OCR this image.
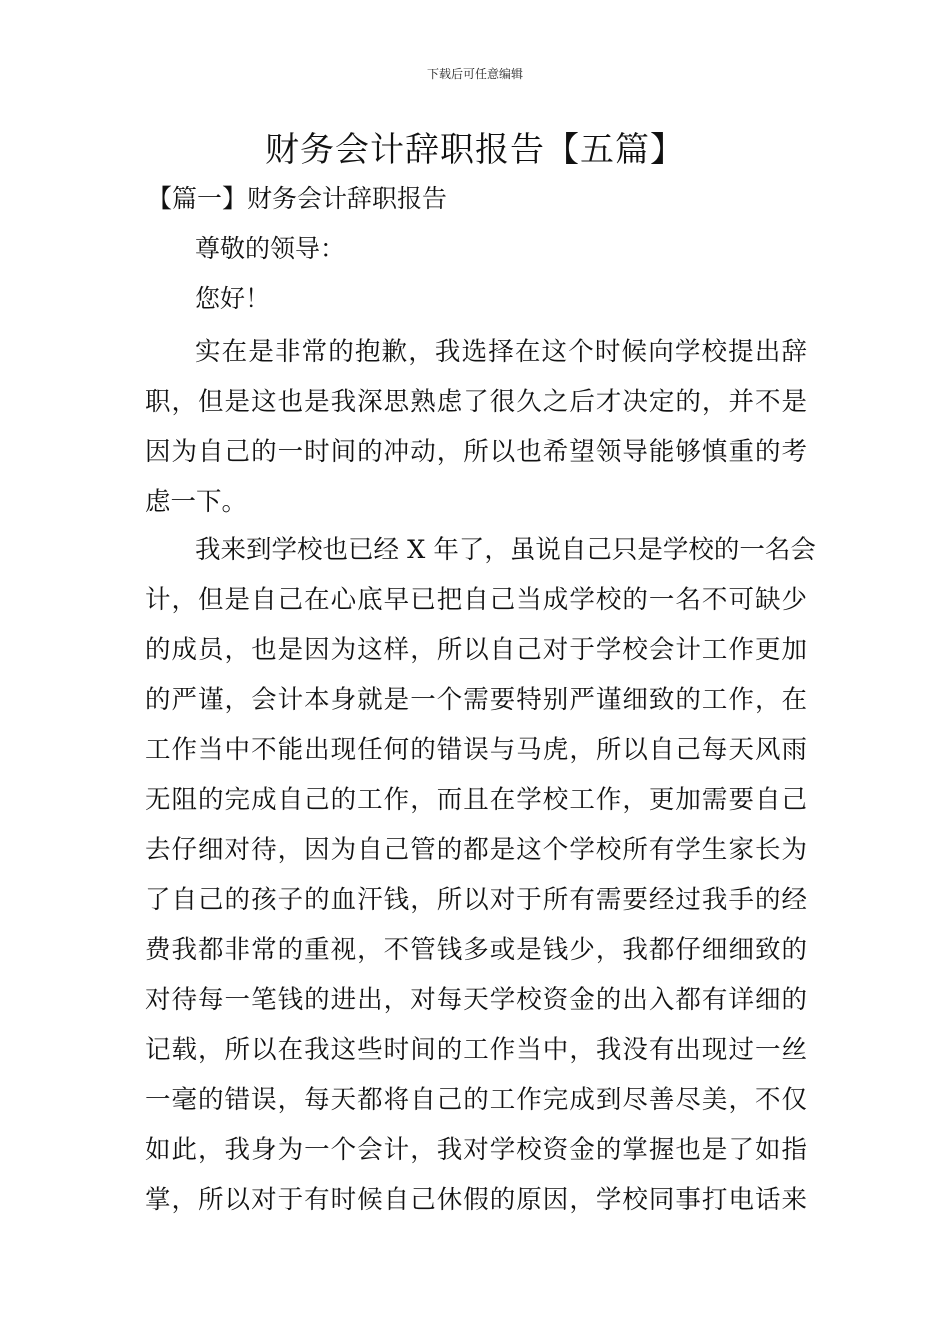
下载后可任意编辑
财务会计辞职报告【五篇】
【篇一】财务会计辞职报告
尊敬的领导：
您好！
实在是非常的抱歉，我选择在这个时候向学校提出辞
职，但是这也是我深思熟虑了很久之后才决定的，并不是
因为自己的一时间的冲动，所以也希望领导能够慎重的考
虑一下。
我来到学校也已经 X 年了，虽说自己只是学校的一名会
计，但是自己在心底早已把自己当成学校的一名不可缺少
的成员，也是因为这样，所以自己对于学校会计工作更加
的严谨，会计本身就是一个需要特别严谨细致的工作，在
工作当中不能出现任何的错误与马虎，所以自己每天风雨
无阻的完成自己的工作，而且在学校工作，更加需要自己
去仔细对待，因为自己管的都是这个学校所有学生家长为
了自己的孩子的血汗钱，所以对于所有需要经过我手的经
费我都非常的重视，不管钱多或是钱少，我都仔细细致的
对待每一笔钱的进出，对每天学校资金的出入都有详细的
记载，所以在我这些时间的工作当中，我没有出现过一丝
一毫的错误，每天都将自己的工作完成到尽善尽美，不仅
如此，我身为一个会计，我对学校资金的掌握也是了如指
掌，所以对于有时候自己休假的原因，学校同事打电话来
